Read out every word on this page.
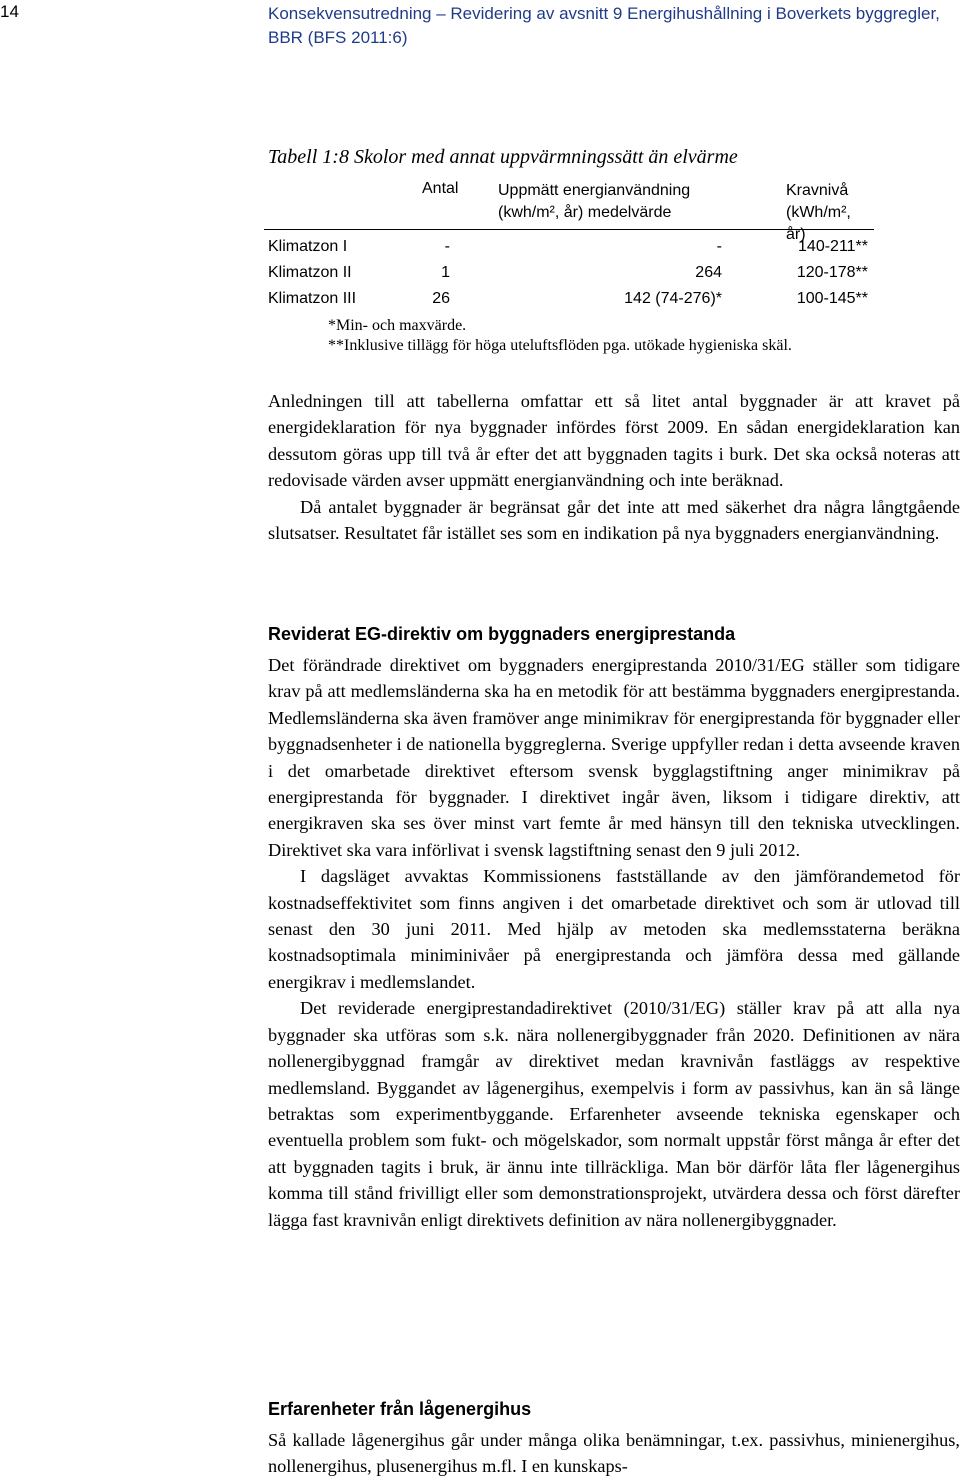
14	Konsekvensutredning – Revidering av avsnitt 9 Energihushållning i Boverkets byggregler,
BBR (BFS 2011:6)
Tabell 1:8 Skolor med annat uppvärmningssätt än elvärme
Antal Uppmätt energianvändning
(kwh/m², år) medelvärde
Kravnivå
(kWh/m², år)
Klimatzon I	-	-	140-211**
Klimatzon II	1	264	120-178**
Klimatzon III	26	142 (74-276)*	100-145**
*Min- och maxvärde.
**Inklusive tillägg för höga uteluftsflöden pga. utökade hygieniska skäl.

Anledningen till att tabellerna omfattar ett så litet antal byggnader är att kravet på energideklaration för nya byggnader infördes först 2009. En sådan energideklaration kan dessutom göras upp till två år efter det att byggnaden tagits i burk. Det ska också noteras att redovisade värden avser uppmätt energianvändning och inte beräknad.

Då antalet byggnader är begränsat går det inte att med säkerhet dra några långtgående slutsatser. Resultatet får istället ses som en indikation på nya byggnaders energianvändning.

Reviderat EG-direktiv om byggnaders energiprestanda

Det förändrade direktivet om byggnaders energiprestanda 2010/31/EG ställer som tidigare krav på att medlemsländerna ska ha en metodik för att bestämma byggnaders energiprestanda. Medlemsländerna ska även framöver ange minimikrav för energiprestanda för byggnader eller byggnadsenheter i de nationella byggreglerna. Sverige uppfyller redan i detta avseende kraven i det omarbetade direktivet eftersom svensk bygglagstiftning anger minimikrav på energiprestanda för byggnader. I direktivet ingår även, liksom i tidigare direktiv, att energikraven ska ses över minst vart femte år med hänsyn till den tekniska utvecklingen. Direktivet ska vara införlivat i svensk lagstiftning senast den 9 juli 2012.

I dagsläget avvaktas Kommissionens fastställande av den jämförandemetod för kostnadseffektivitet som finns angiven i det omarbetade direktivet och som är utlovad till senast den 30 juni 2011. Med hjälp av metoden ska medlemsstaterna beräkna kostnadsoptimala miniminivåer på energiprestanda och jämföra dessa med gällande energikrav i medlemslandet.

Det reviderade energiprestandadirektivet (2010/31/EG) ställer krav på att alla nya byggnader ska utföras som s.k. nära nollenergibyggnader från 2020. Definitionen av nära nollenergibyggnad framgår av direktivet medan kravnivån fastläggs av respektive medlemsland. Byggandet av lågenergihus, exempelvis i form av passivhus, kan än så länge betraktas som experimentbyggande. Erfarenheter avseende tekniska egenskaper och eventuella problem som fukt- och mögelskador, som normalt uppstår först många år efter det att byggnaden tagits i bruk, är ännu inte tillräckliga. Man bör därför låta fler lågenergihus komma till stånd frivilligt eller som demonstrationsprojekt, utvärdera dessa och först därefter lägga fast kravnivån enligt direktivets definition av nära nollenergibyggnader.

Erfarenheter från lågenergihus

Så kallade lågenergihus går under många olika benämningar, t.ex. passivhus, minienergihus, nollenergihus, plusenergihus m.fl. I en kunskaps-
